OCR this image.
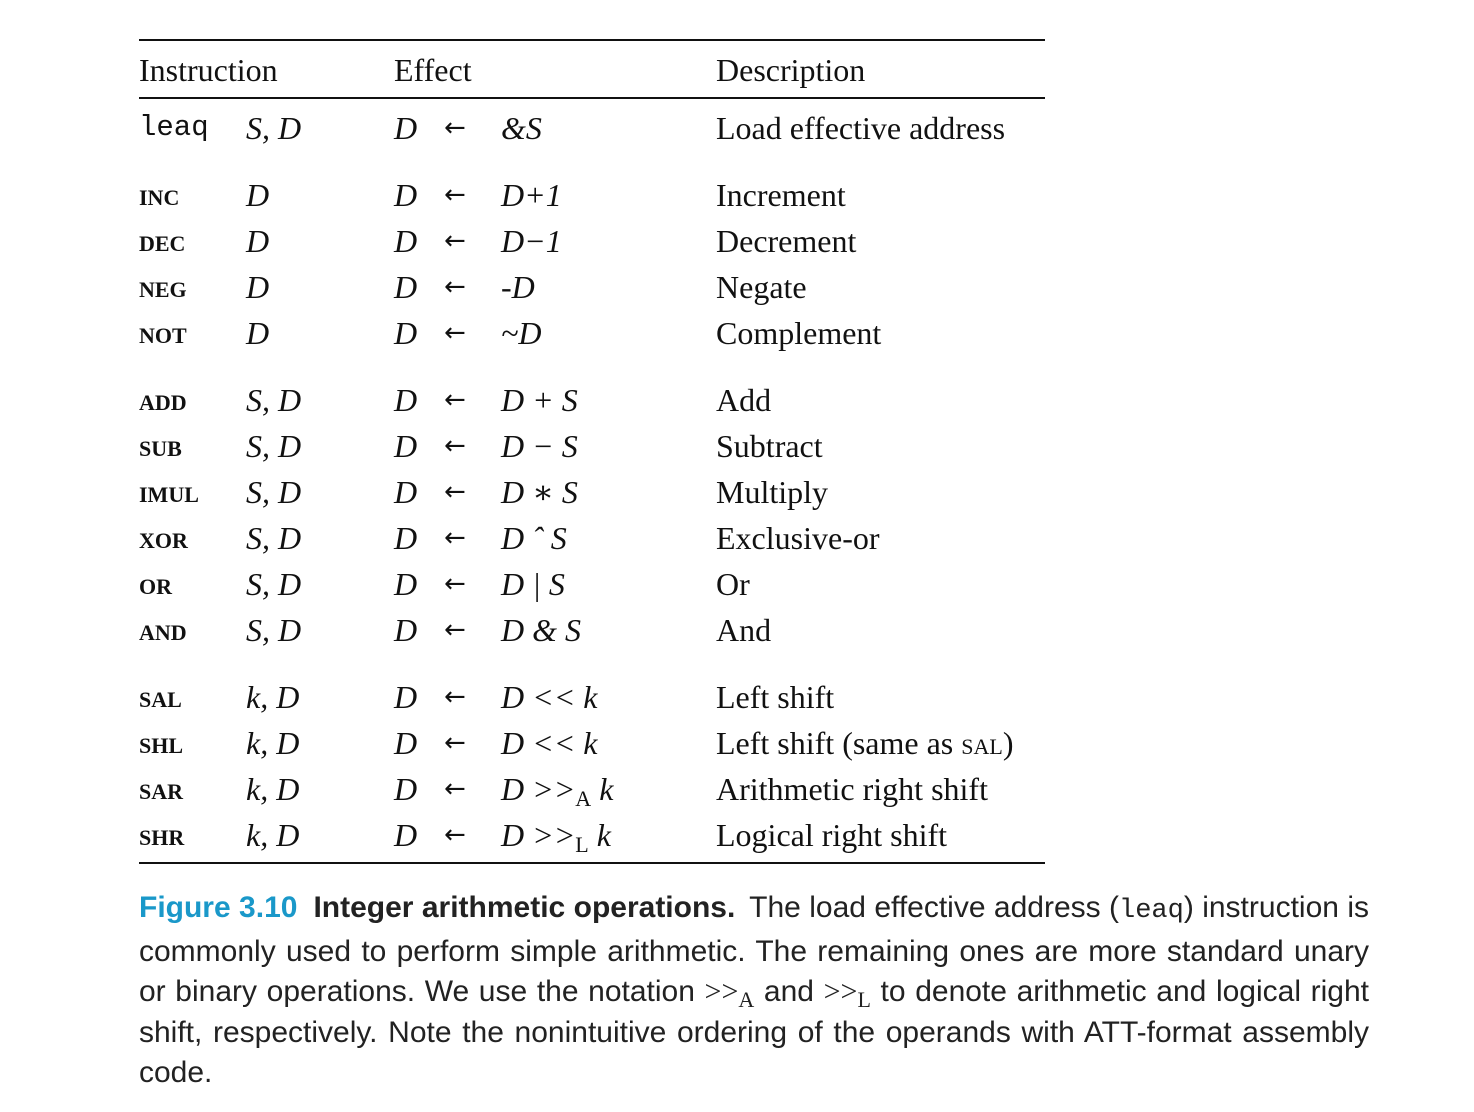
Instruction	Effect	Description
leaq S, D	D ← &S	Load effective address
inc D	D ← D+1	Increment
dec D	D ← D−1	Decrement
neg D	D ← -D	Negate
not D	D ← ~D	Complement
add S, D	D ← D + S	Add
sub S, D	D ← D − S	Subtract
imul S, D	D ← D ∗ S	Multiply
xor S, D	D ← D ˆ S	Exclusive-or
or S, D	D ← D | S	Or
and S, D	D ← D & S	And
sal k, D	D ← D << k	Left shift
shl k, D	D ← D << k	Left shift (same as sal)
sar k, D	D ← $D >>_A$ k	Arithmetic right shift
shr k, D	D ← $D >>_L$ k	Logical right shift
Figure 3.10 Integer arithmetic operations. The load effective address (leaq) instruction is commonly used to perform simple arithmetic. The remaining ones are more standard unary or binary operations. We use the notation $>>_A$ and $>>_L$ to denote arithmetic and logical right shift, respectively. Note the nonintuitive ordering of the operands with ATT-format assembly code.
